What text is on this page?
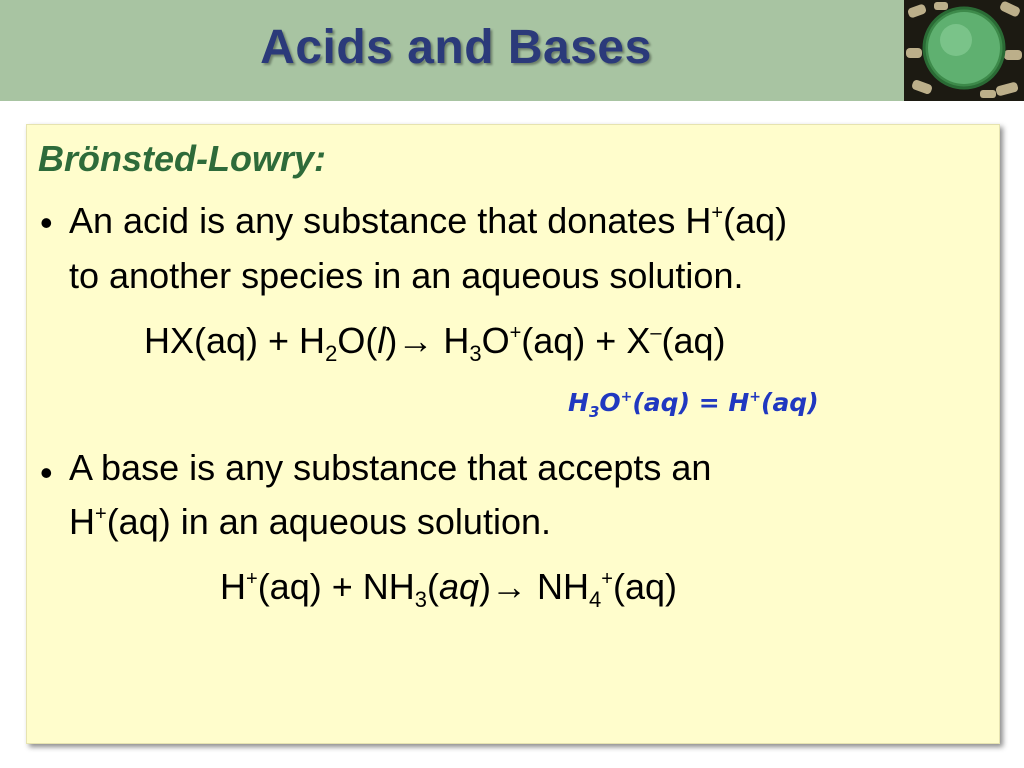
Acids and Bases
Brönsted-Lowry:
• An acid is any substance that donates H+(aq)
to another species in an aqueous solution.
$HX(aq) + H_2O(l)\to H_3O^+(aq) + X^-(aq)$
$H_3O^+(aq) = H^+(aq)$
• A base is any substance that accepts an
H+(aq) in an aqueous solution.
$H^+(aq) + NH_3(aq)\to NH_4^+(aq)$
